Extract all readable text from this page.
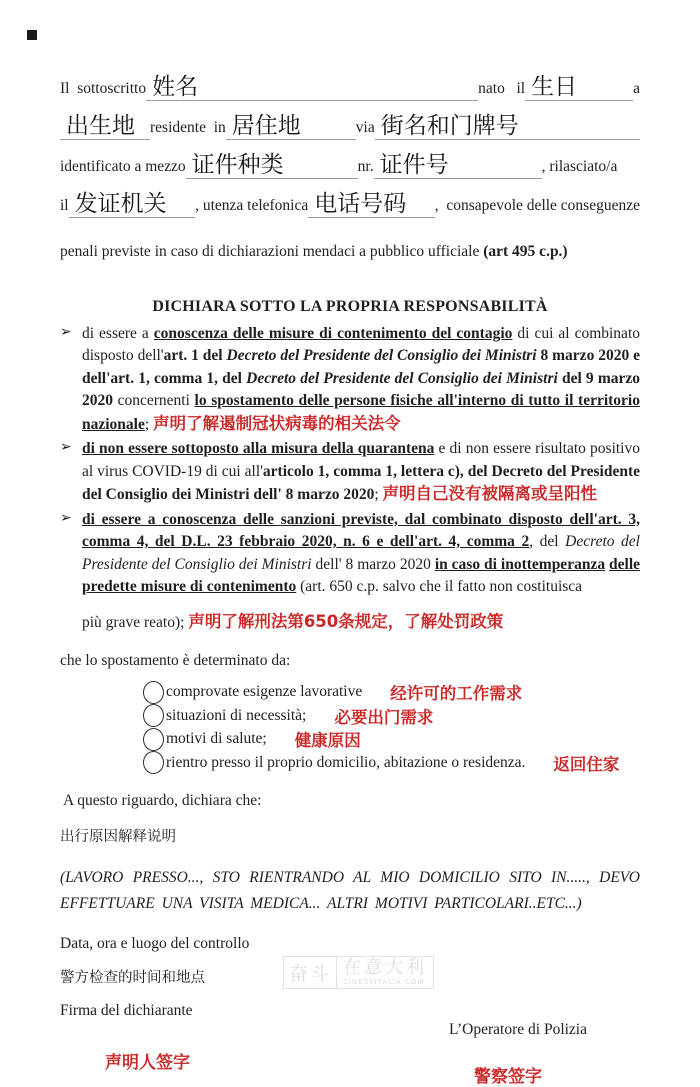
Il  sottoscritto 姓名	nato   il 生日	a
出生地 residente  in 居住地	via 街名和门牌号
identificato a mezzo 证件种类	nr. 证件号	, rilasciato/a
il 发证机关 , utenza telefonica 电话号码 ,  consapevole delle conseguenze
penali previste in caso di dichiarazioni mendaci a pubblico ufficiale (art 495 c.p.)
DICHIARA SOTTO LA PROPRIA RESPONSABILITÀ
➢ di essere a conoscenza delle misure di contenimento del contagio di cui al combinato disposto dell'art. 1 del Decreto del Presidente del Consiglio dei Ministri 8 marzo 2020 e dell'art. 1, comma 1, del Decreto del Presidente del Consiglio dei Ministri del 9 marzo 2020 concernenti lo spostamento delle persone fisiche all'interno di tutto il territorio nazionale; 声明了解遏制冠状病毒的相关法令
➢ di non essere sottoposto alla misura della quarantena e di non essere risultato positivo al virus COVID-19 di cui all'articolo 1, comma 1, lettera c), del Decreto del Presidente del Consiglio dei Ministri dell' 8 marzo 2020; 声明自己没有被隔离或呈阳性
➢ di essere a conoscenza delle sanzioni previste, dal combinato disposto dell'art. 3, comma 4, del D.L. 23 febbraio 2020, n. 6 e dell'art. 4, comma 2, del Decreto del Presidente del Consiglio dei Ministri dell' 8 marzo 2020 in caso di inottemperanza delle predette misure di contenimento (art. 650 c.p. salvo che il fatto non costituisca
più grave reato); 声明了解刑法第650条规定，了解处罚政策
che lo spostamento è determinato da:
comprovate esigenze lavorative 经许可的工作需求
situazioni di necessità; 必要出门需求
motivi di salute; 健康原因
rientro presso il proprio domicilio, abitazione o residenza. 返回住家
A questo riguardo, dichiara che:
出行原因解释说明
(LAVORO PRESSO..., STO RIENTRANDO AL MIO DOMICILIO SITO IN....., DEVO EFFETTUARE UNA VISITA MEDICA... ALTRI MOTIVI PARTICOLARI..ETC...)
Data, ora e luogo del controllo
警方检查的时间和地点
Firma del dichiarante
L’Operatore di Polizia
声明人签字
警察签字
奋斗 在意大利
CINESEITALIA.COM
